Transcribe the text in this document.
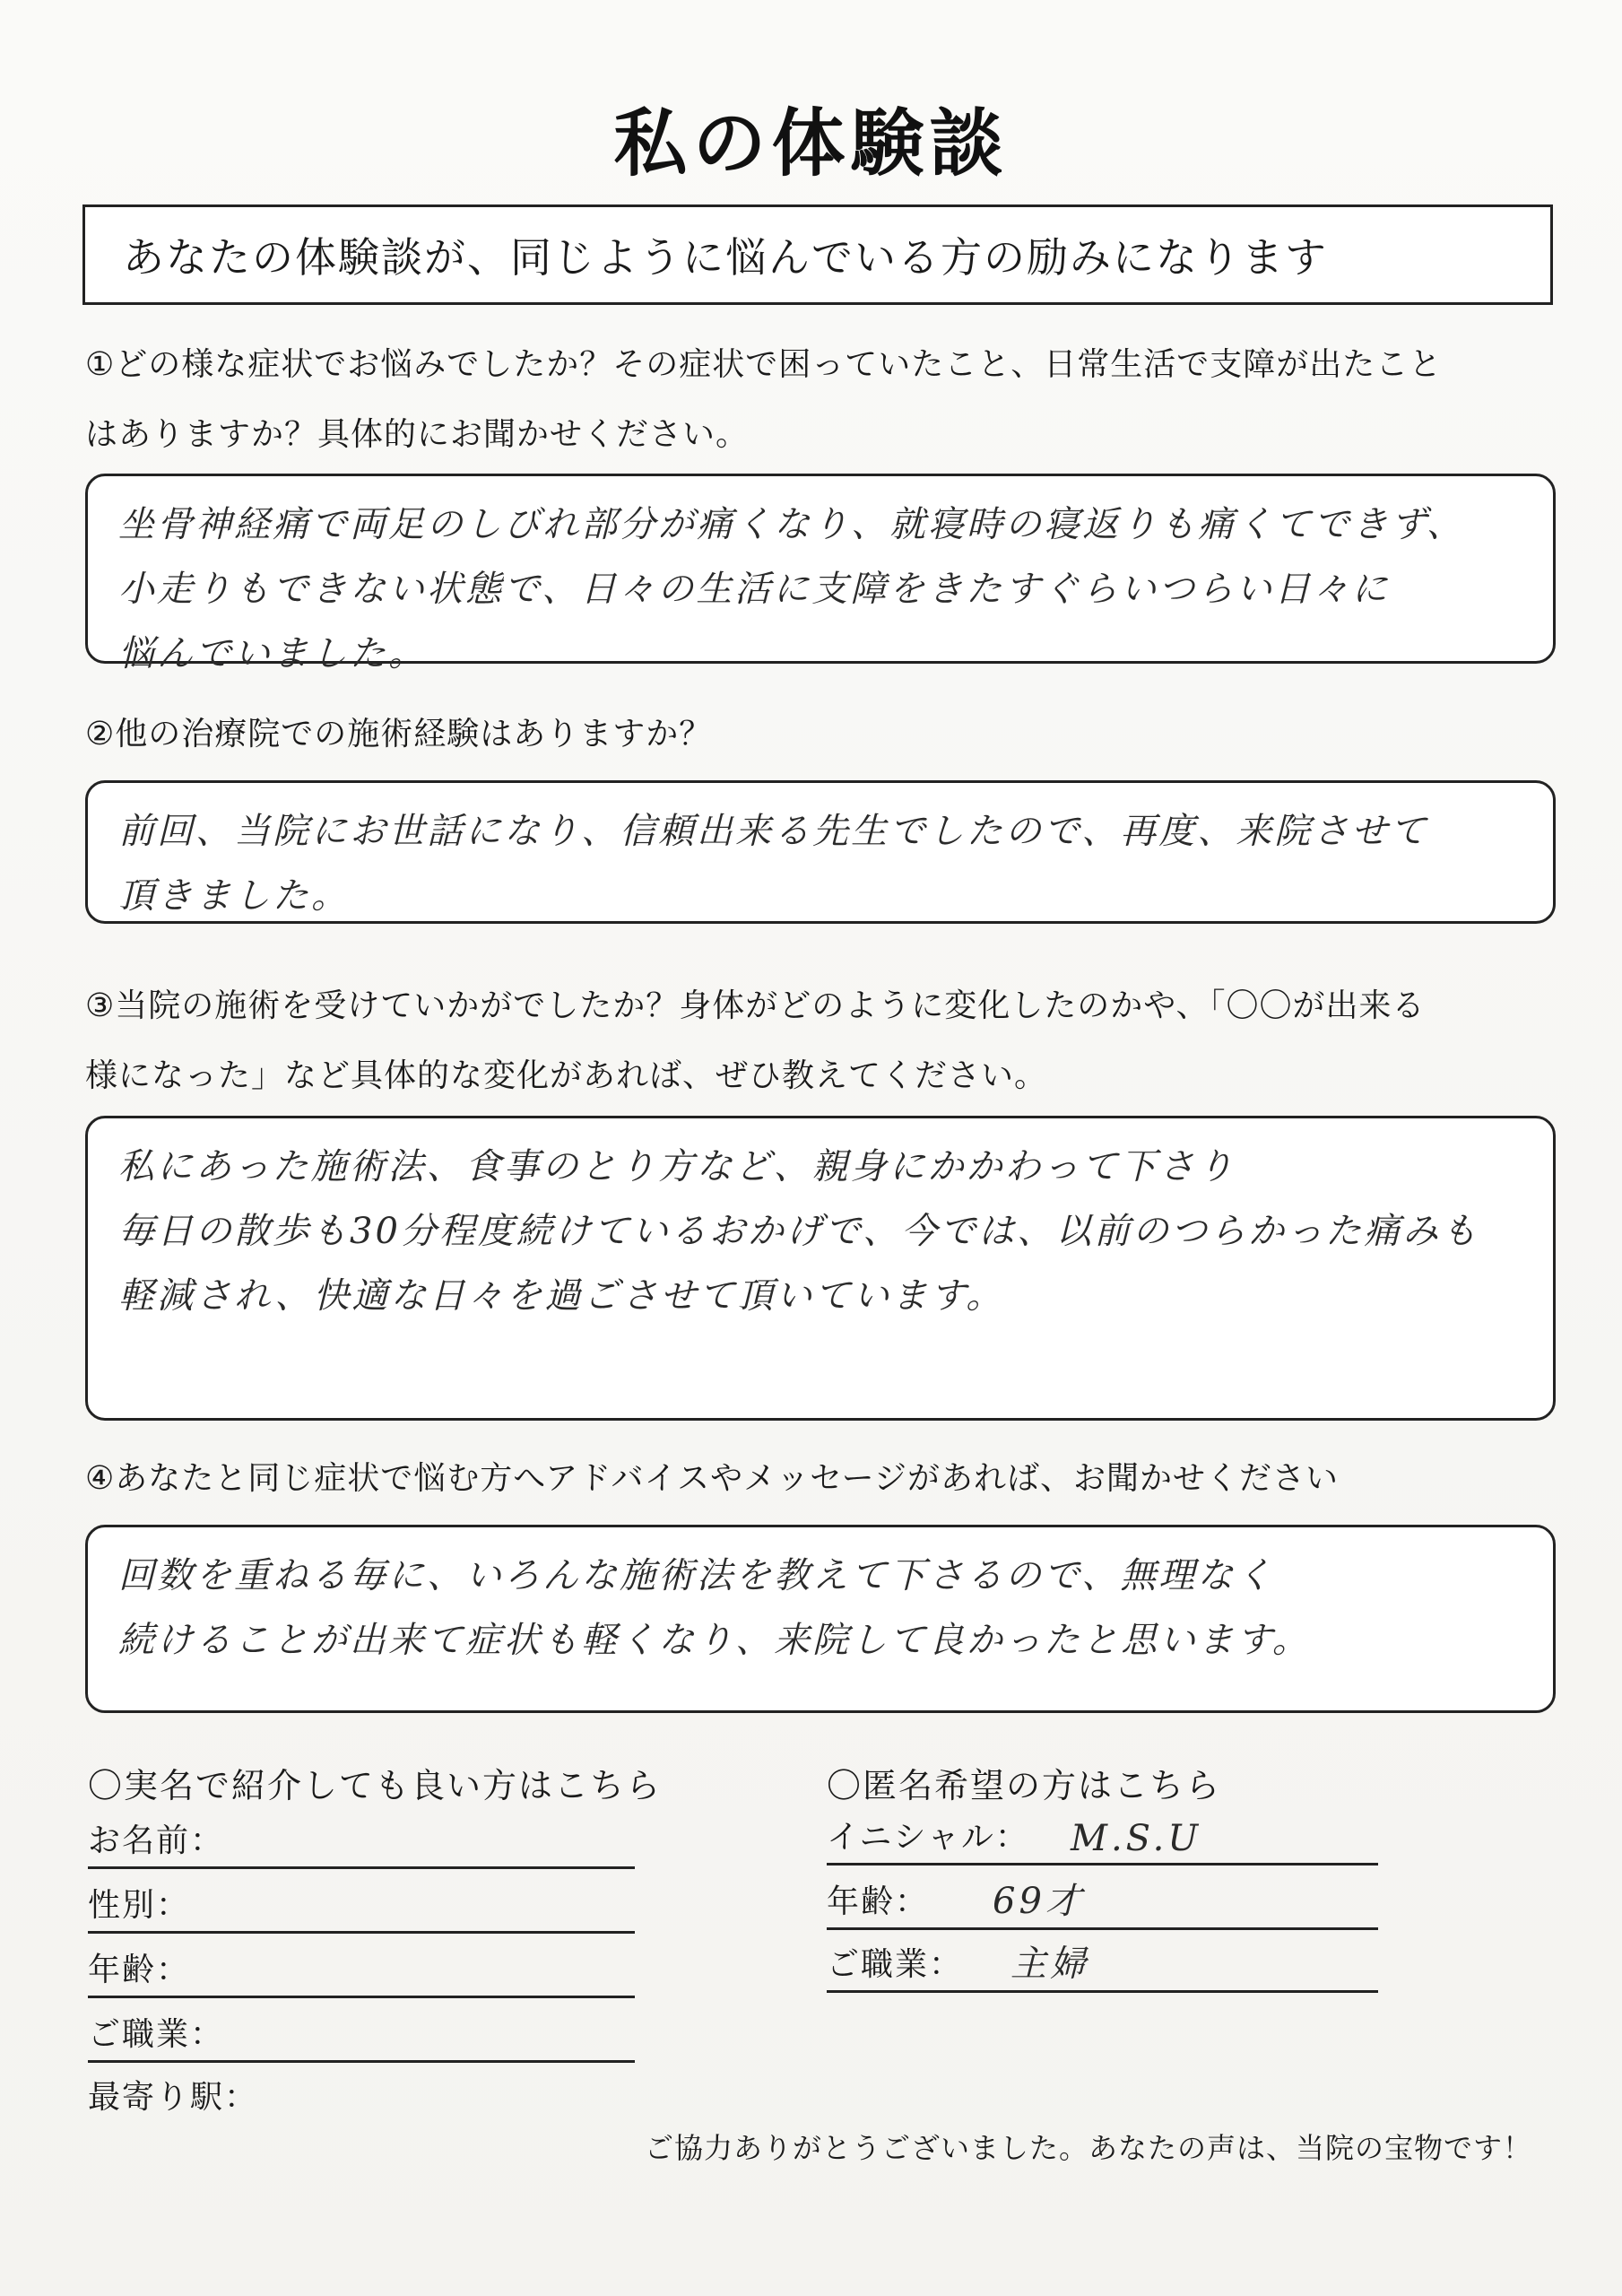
私の体験談
あなたの体験談が、同じように悩んでいる方の励みになります
①どの様な症状でお悩みでしたか？その症状で困っていたこと、日常生活で支障が出たこと
はありますか？具体的にお聞かせください。
坐骨神経痛で両足のしびれ部分が痛くなり、就寝時の寝返りも痛くてできず、
小走りもできない状態で、日々の生活に支障をきたすぐらいつらい日々に
悩んでいました。
②他の治療院での施術経験はありますか？
前回、当院にお世話になり、信頼出来る先生でしたので、再度、来院させて
頂きました。
③当院の施術を受けていかがでしたか？身体がどのように変化したのかや、「〇〇が出来る
様になった」など具体的な変化があれば、ぜひ教えてください。
私にあった施術法、食事のとり方など、親身にかかわって下さり
毎日の散歩も30分程度続けているおかげで、今では、以前のつらかった痛みも
軽減され、快適な日々を過ごさせて頂いています。
④あなたと同じ症状で悩む方へアドバイスやメッセージがあれば、お聞かせください
回数を重ねる毎に、いろんな施術法を教えて下さるので、無理なく
続けることが出来て症状も軽くなり、来院して良かったと思います。
〇実名で紹介しても良い方はこちら
お名前：
性別：
年齢：
ご職業：
最寄り駅：
〇匿名希望の方はこちら
イニシャル： M.S.U
年齢： 69才
ご職業： 主婦
ご協力ありがとうございました。あなたの声は、当院の宝物です！
